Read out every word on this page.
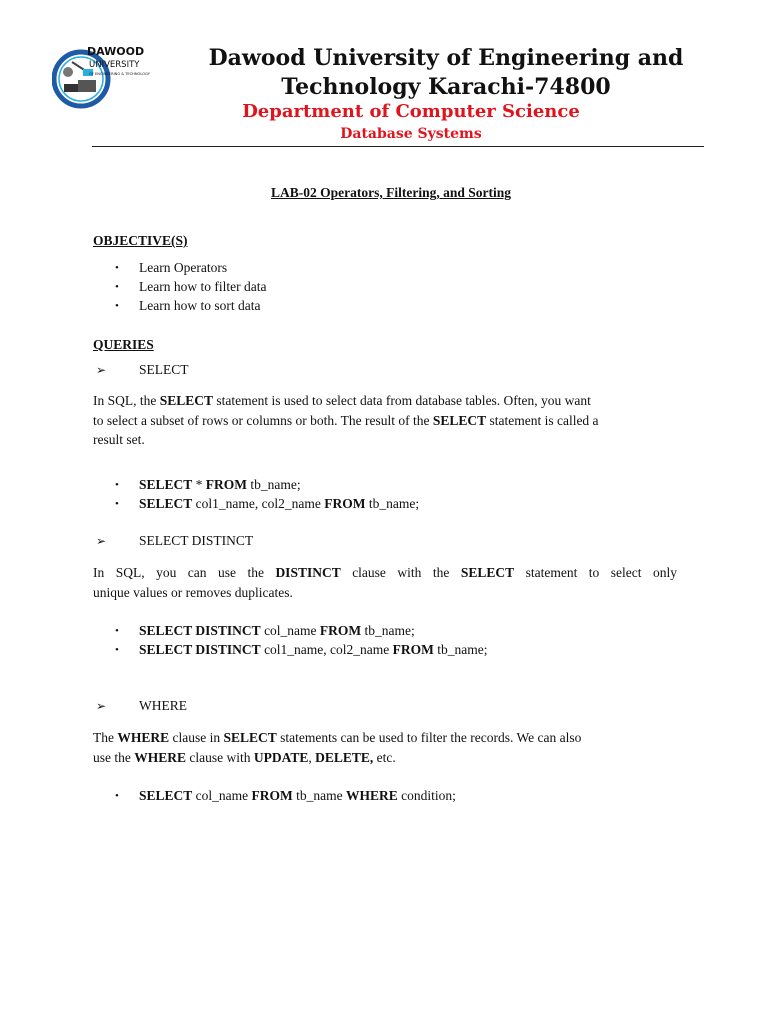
DAWOOD
UNIVERSITY
OF ENGINEERING & TECHNOLOGY
Dawood University of Engineering and
Technology Karachi-74800
Department of Computer Science
Database Systems
LAB-02 Operators, Filtering, and Sorting
OBJECTIVE(S)
• Learn Operators
• Learn how to filter data
• Learn how to sort data
QUERIES
➢ SELECT
In SQL, the SELECT statement is used to select data from database tables. Often, you want
to select a subset of rows or columns or both. The result of the SELECT statement is called a
result set.
• SELECT * FROM tb_name;
• SELECT col1_name, col2_name FROM tb_name;
➢ SELECT DISTINCT
In SQL, you can use the DISTINCT clause with the SELECT statement to select only
unique values or removes duplicates.
• SELECT DISTINCT col_name FROM tb_name;
• SELECT DISTINCT col1_name, col2_name FROM tb_name;
➢ WHERE
The WHERE clause in SELECT statements can be used to filter the records. We can also
use the WHERE clause with UPDATE, DELETE, etc.
• SELECT col_name FROM tb_name WHERE condition;
